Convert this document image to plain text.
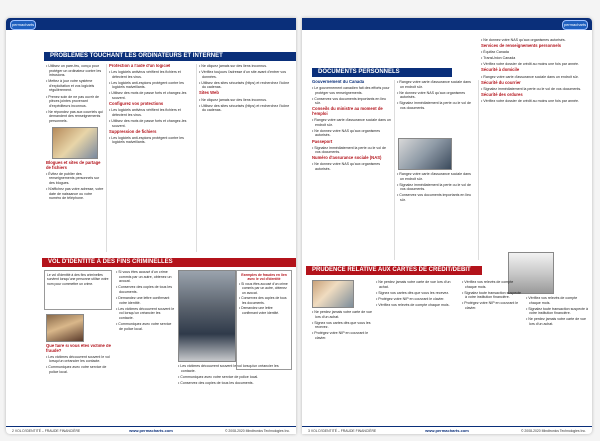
permacharts
PROBLÈMES TOUCHANT LES ORDINATEURS ET INTERNET

• Utilisez un pare-feu, conçu pour protéger un ordinateur contre les intrusions.

• Mettez à jour votre système d'exploitation et vos logiciels régulièrement.

• Prenez soin de ne pas ouvrir de pièces jointes provenant d'expéditeurs inconnus.

• Ne répondez pas aux courriels qui demandent des renseignements personnels.

Blogues et sites de partage de fichiers

• Évitez de publier des renseignements personnels sur des blogues.

• N'affichez pas votre adresse, votre date de naissance ou votre numéro de téléphone.

Protection à l'aide d'un logiciel

• Les logiciels antivirus vérifient les fichiers et détectent les virus.

• Les logiciels anti-espions protègent contre les logiciels malveillants.

• Utilisez des mots de passe forts et changez-les souvent.

Configurez vos protections

• Les logiciels antivirus vérifient les fichiers et détectent les virus.

• Utilisez des mots de passe forts et changez-les souvent.

Suppression de fichiers

• Les logiciels anti-espions protègent contre les logiciels malveillants.

• Ne cliquez jamais sur des liens inconnus.

• Vérifiez toujours l'adresse d'un site avant d'entrer vos données.

• Utilisez des sites sécurisés (https) et recherchez l'icône du cadenas.

Sites Web

• Ne cliquez jamais sur des liens inconnus.

• Utilisez des sites sécurisés (https) et recherchez l'icône du cadenas.

VOL D'IDENTITÉ À DES FINS CRIMINELLES
Le vol d'identité à des fins criminelles survient lorsqu'une personne utilise votre nom pour commettre un crime.

Que faire si vous êtes victime de fraude?

• Les victimes découvrent souvent le vol lorsqu'un créancier les contacte.

• Communiquez avec votre service de police local.

• Si vous êtes accusé d'un crime commis par un autre, obtenez un avocat.

• Conservez des copies de tous les documents.

• Demandez une lettre confirmant votre identité.

• Les victimes découvrent souvent le vol lorsqu'un créancier les contacte.

• Communiquez avec votre service de police local.

Exemples de fraudes en lien avec le vol d'identité

• Si vous êtes accusé d'un crime commis par un autre, obtenez un avocat.

• Conservez des copies de tous les documents.

• Demandez une lettre confirmant votre identité.

• Les victimes découvrent souvent le vol lorsqu'un créancier les contacte.

• Communiquez avec votre service de police local.

• Conservez des copies de tous les documents.

2 VOL D'IDENTITÉ – FRAUDE FINANCIÈRE	www.permacharts.com	© 2008-2020 Mindtronics Technologies Inc.
permacharts
DOCUMENTS PERSONNELS

Gouvernement du Canada

• Le gouvernement canadien fait des efforts pour protéger vos renseignements.

• Conservez vos documents importants en lieu sûr.

Conseils du ministre au moment de l'emploi

• Rangez votre carte d'assurance sociale dans un endroit sûr.

• Ne donnez votre NAS qu'aux organismes autorisés.

Passeport

• Signalez immédiatement la perte ou le vol de vos documents.

Numéro d'assurance sociale (NAS)

• Ne donnez votre NAS qu'aux organismes autorisés.

• Rangez votre carte d'assurance sociale dans un endroit sûr.

• Ne donnez votre NAS qu'aux organismes autorisés.

• Signalez immédiatement la perte ou le vol de vos documents.

• Rangez votre carte d'assurance sociale dans un endroit sûr.

• Signalez immédiatement la perte ou le vol de vos documents.

• Conservez vos documents importants en lieu sûr.

• Ne donnez votre NAS qu'aux organismes autorisés.

Services de renseignements personnels

• Équifax Canada

• TransUnion Canada

• Vérifiez votre dossier de crédit au moins une fois par année.

Sécurité à domicile

• Rangez votre carte d'assurance sociale dans un endroit sûr.

Sécurité du courrier

• Signalez immédiatement la perte ou le vol de vos documents.

Sécurité des ordures

• Vérifiez votre dossier de crédit au moins une fois par année.

PRUDENCE RELATIVE AUX CARTES DE CRÉDIT/DÉBIT

• Ne perdez jamais votre carte de vue lors d'un achat.

• Signez vos cartes dès que vous les recevez.

• Protégez votre NIP en couvrant le clavier.

• Ne perdez jamais votre carte de vue lors d'un achat.

• Signez vos cartes dès que vous les recevez.

• Protégez votre NIP en couvrant le clavier.

• Vérifiez vos relevés de compte chaque mois.

• Vérifiez vos relevés de compte chaque mois.

• Signalez toute transaction suspecte à votre institution financière.

• Protégez votre NIP en couvrant le clavier.

• Vérifiez vos relevés de compte chaque mois.

• Signalez toute transaction suspecte à votre institution financière.

• Ne perdez jamais votre carte de vue lors d'un achat.

3 VOL D'IDENTITÉ – FRAUDE FINANCIÈRE	www.permacharts.com	© 2008-2020 Mindtronics Technologies Inc.
